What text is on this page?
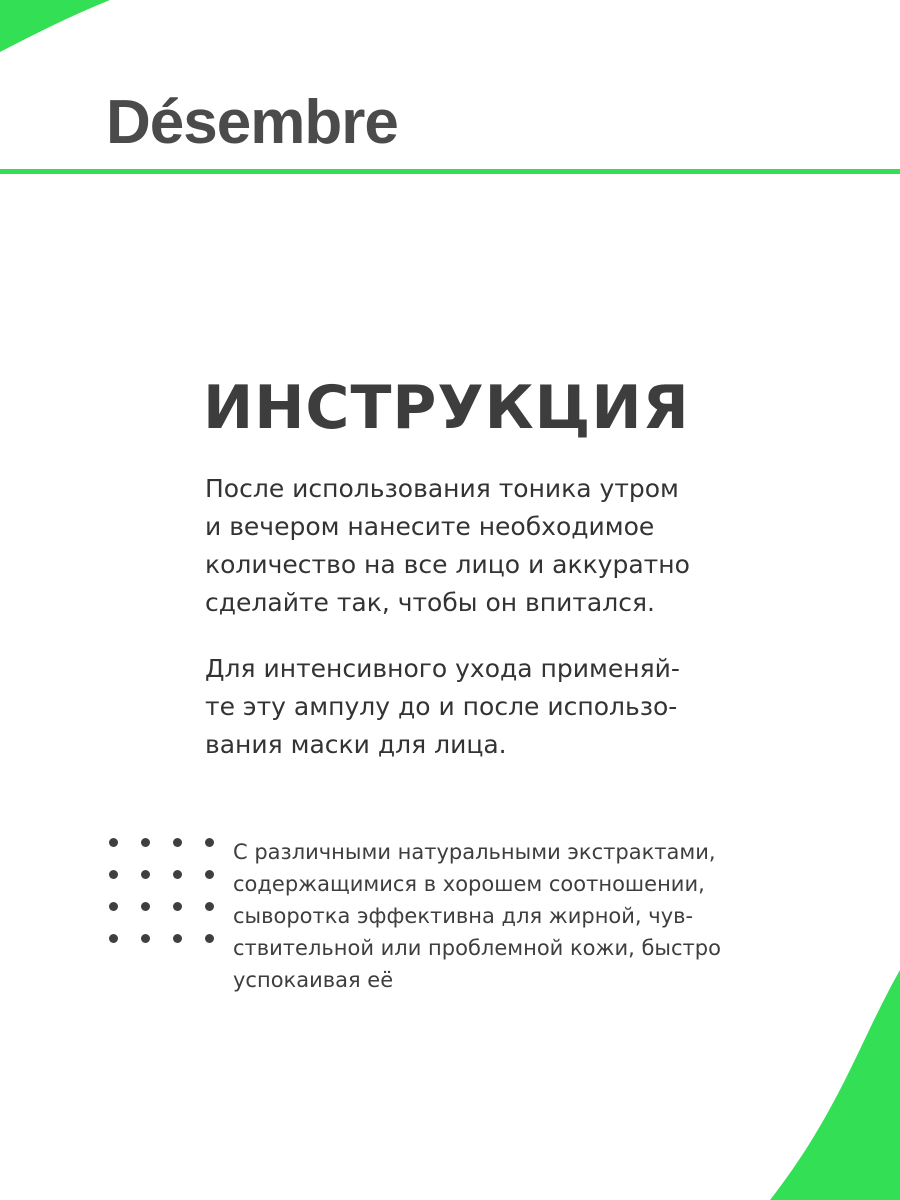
Désembre
ИНСТРУКЦИЯ

После использования тоника утром
и вечером нанесите необходимое
количество на все лицо и аккуратно
сделайте так, чтобы он впитался.

Для интенсивного ухода применяй-
те эту ампулу до и после использо-
вания маски для лица.

С различными натуральными экстрактами,
содержащимися в хорошем соотношении,
сыворотка эффективна для жирной, чув-
ствительной или проблемной кожи, быстро
успокаивая её
